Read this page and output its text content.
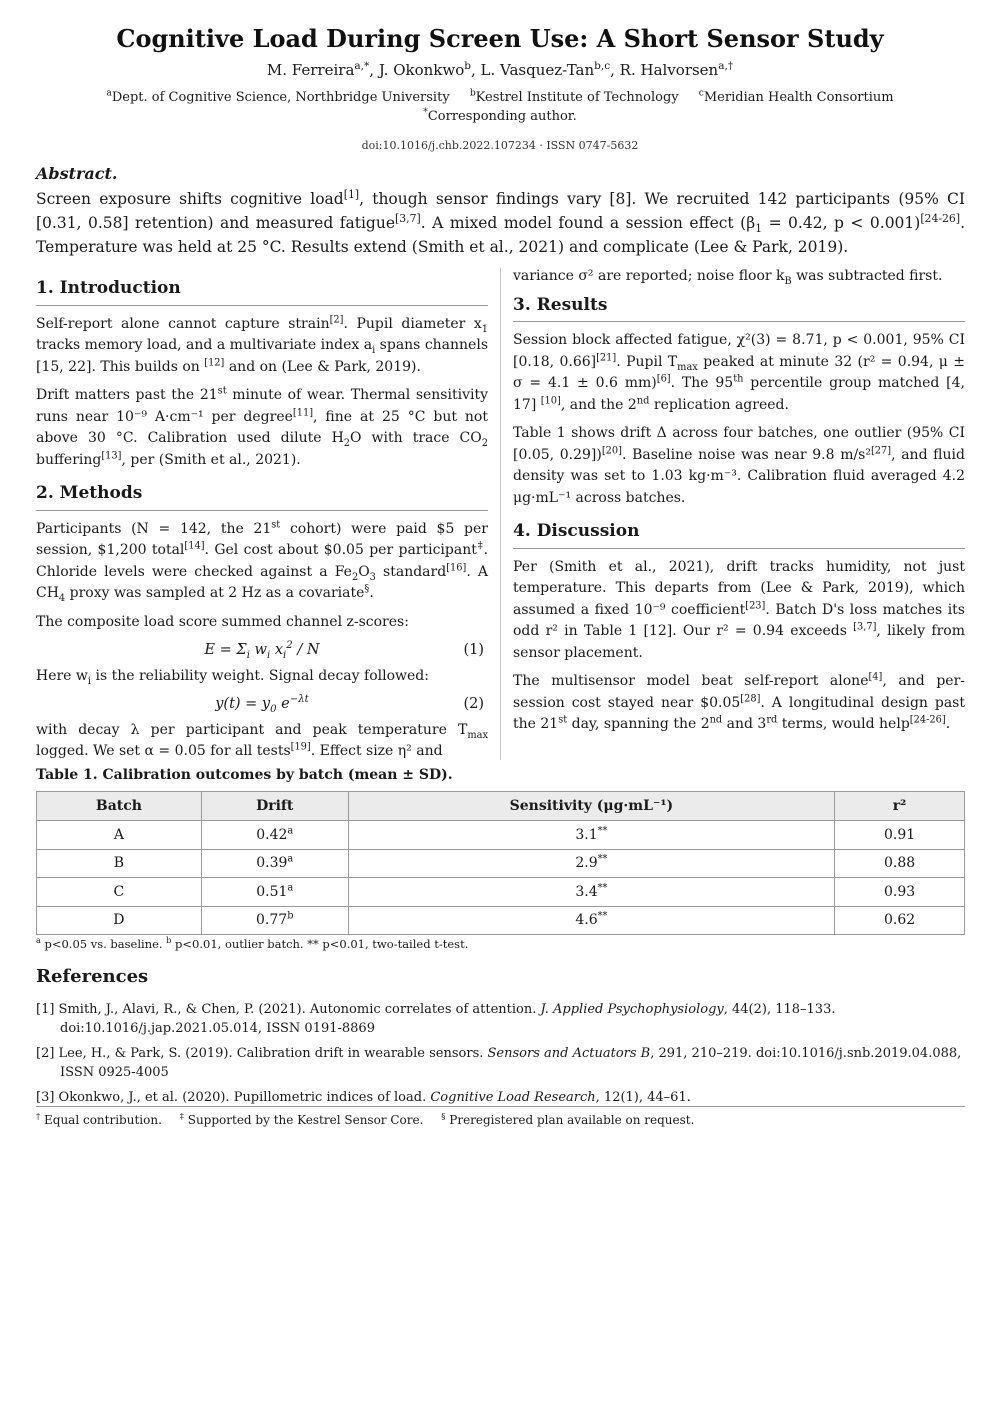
Cognitive Load During Screen Use: A Short Sensor Study
M. Ferreira$^{a,*}$, J. Okonkwo$^b$, L. Vasquez-Tan$^{b,c}$, R. Halvorsen$^{a,\dagger}$
$^a$Dept. of Cognitive Science, Northbridge University $^b$Kestrel Institute of Technology $^c$Meridian Health Consortium
*Corresponding author.
doi:10.1016/j.chb.2022.107234 · ISSN 0747-5632
Abstract.

Screen exposure shifts cognitive load[1], though sensor findings vary [8]. We recruited 142 participants (95% CI [0.31, 0.58] retention) and measured fatigue[3,7]. A mixed model found a session effect ($\beta_1 = 0.42$, p < 0.001)[24-26]. Temperature was held at 25 °C. Results extend (Smith et al., 2021) and complicate (Lee & Park, 2019).

1. Introduction

Self-report alone cannot capture strain[2]. Pupil diameter $x_1$ tracks memory load, and a multivariate index $a_i$ spans channels [15, 22]. This builds on [12] and on (Lee & Park, 2019).

Drift matters past the 21st minute of wear. Thermal sensitivity runs near 10⁻⁹ A·cm⁻¹ per degree[11], fine at 25 °C but not above 30 °C. Calibration used dilute $H_2O$ with trace $CO_2$ buffering[13], per (Smith et al., 2021).

2. Methods

Participants (N = 142, the 21st cohort) were paid $5 per session, $1,200 total[14]. Gel cost about $0.05 per participant‡. Chloride levels were checked against a $Fe_2O_3$ standard[16]. A $CH_4$ proxy was sampled at 2 Hz as a covariate§.

The composite load score summed channel z-scores:

$E = \Sigma_i$ $w_i$ $x_i^2$ / N	(1)

Here $w_i$ is the reliability weight. Signal decay followed:

$y(t) = y_0$ $e^{-\lambda t}$	(2)

with decay λ per participant and peak temperature $T_{max}$ logged. We set α = 0.05 for all tests[19]. Effect size η² and

variance σ² are reported; noise floor $k_B$ was subtracted first.

3. Results

Session block affected fatigue, χ²(3) = 8.71, p < 0.001, 95% CI [0.18, 0.66][21]. Pupil $T_{max}$ peaked at minute 32 (r² = 0.94, μ ± σ = 4.1 ± 0.6 mm)[6]. The 95th percentile group matched [4, 17] [10], and the 2nd replication agreed.

Table 1 shows drift Δ across four batches, one outlier (95% CI [0.05, 0.29])[20]. Baseline noise was near 9.8 m/s²[27], and fluid density was set to 1.03 kg·m⁻³. Calibration fluid averaged 4.2 μg·mL⁻¹ across batches.

4. Discussion

Per (Smith et al., 2021), drift tracks humidity, not just temperature. This departs from (Lee & Park, 2019), which assumed a fixed 10⁻⁹ coefficient[23]. Batch D's loss matches its odd r² in Table 1 [12]. Our r² = 0.94 exceeds [3,7], likely from sensor placement.

The multisensor model beat self-report alone[4], and per-session cost stayed near $0.05[28]. A longitudinal design past the 21st day, spanning the 2nd and 3rd terms, would help[24-26].

Table 1. Calibration outcomes by batch (mean ± SD).
Batch	Drift	Sensitivity (μg·mL⁻¹)	r²
A	0.42$^a$	3.1**	0.91
B	0.39$^a$	2.9**	0.88
C	0.51$^a$	3.4**	0.93
D	0.77$^b$	4.6**	0.62
$^a$ p<0.05 vs. baseline. $^b$ p<0.01, outlier batch. ** p<0.01, two-tailed t-test.
References
[1] Smith, J., Alavi, R., & Chen, P. (2021). Autonomic correlates of attention. J. Applied Psychophysiology, 44(2), 118–133. doi:10.1016/j.jap.2021.05.014, ISSN 0191-8869
[2] Lee, H., & Park, S. (2019). Calibration drift in wearable sensors. Sensors and Actuators B, 291, 210–219. doi:10.1016/j.snb.2019.04.088, ISSN 0925-4005
[3] Okonkwo, J., et al. (2020). Pupillometric indices of load. Cognitive Load Research, 12(1), 44–61.
† Equal contribution. ‡ Supported by the Kestrel Sensor Core. § Preregistered plan available on request.
